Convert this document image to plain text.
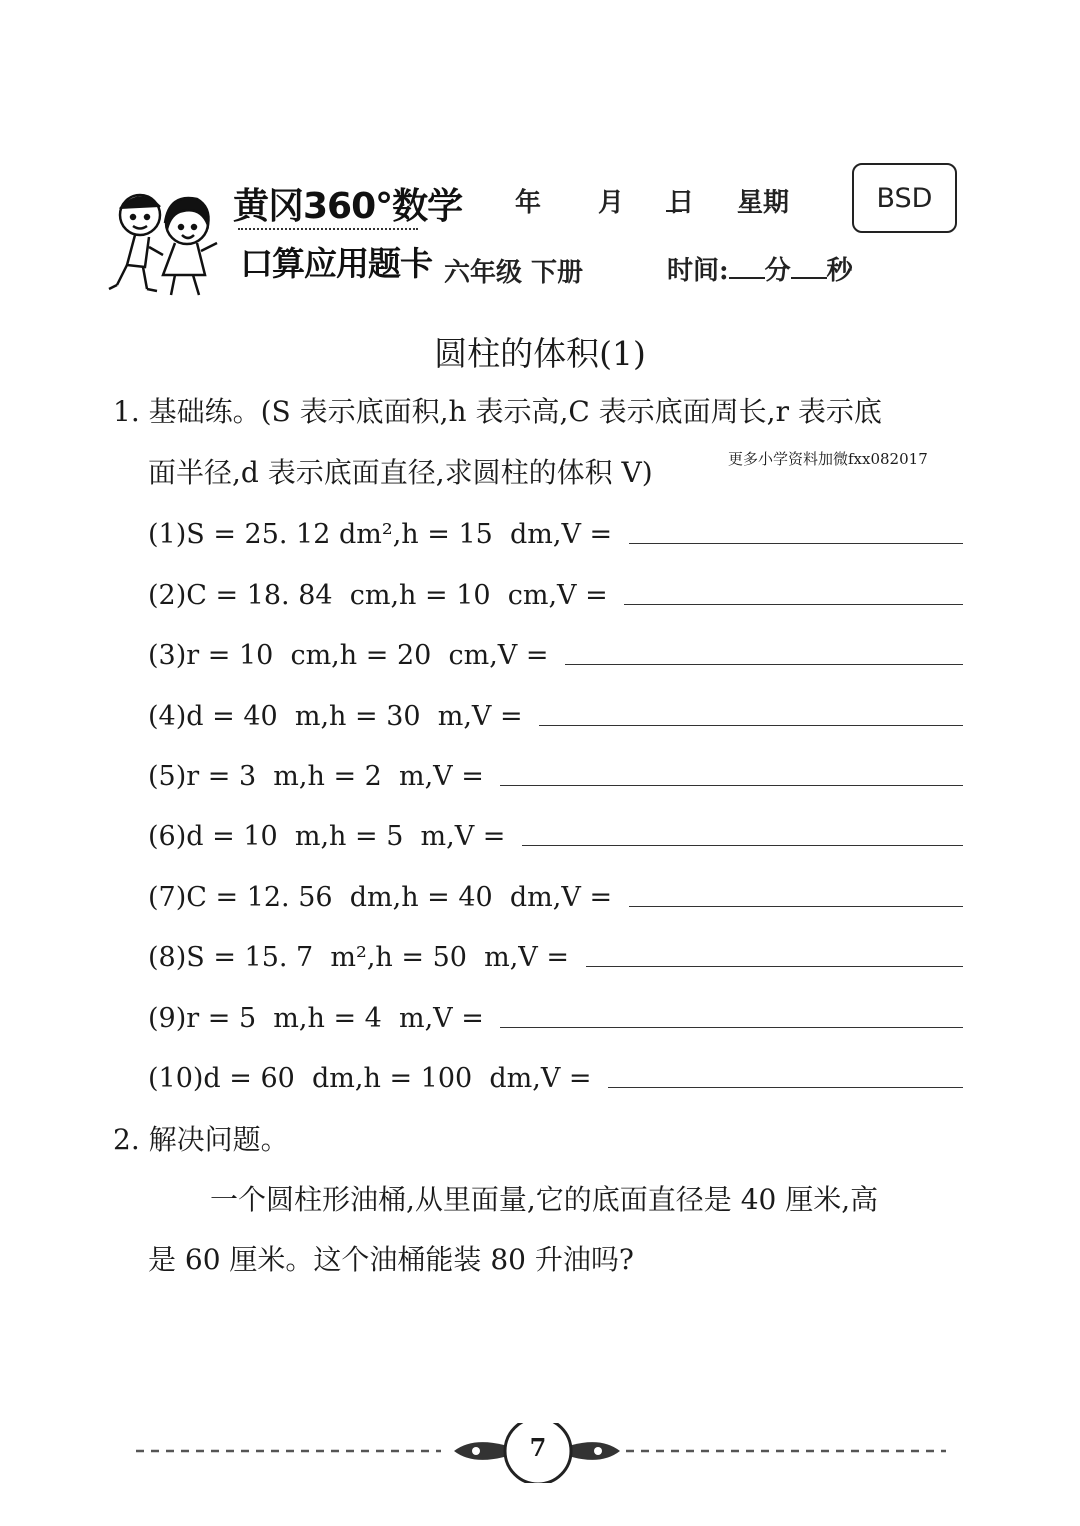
黄冈360°数学
口算应用题卡
年 月 日 星期
六年级 下册	时间: 分 秒
BSD
圆柱的体积(1)
1. 基础练。(S 表示底面积,h 表示高,C 表示底面周长,r 表示底
面半径,d 表示底面直径,求圆柱的体积 V)	更多小学资料加微fxx082017
(1)S = 25. 12 dm²,h = 15  dm,V =
(2)C = 18. 84  cm,h = 10  cm,V =
(3)r = 10  cm,h = 20  cm,V =
(4)d = 40  m,h = 30  m,V =
(5)r = 3  m,h = 2  m,V =
(6)d = 10  m,h = 5  m,V =
(7)C = 12. 56  dm,h = 40  dm,V =
(8)S = 15. 7  m²,h = 50  m,V =
(9)r = 5  m,h = 4  m,V =
(10)d = 60  dm,h = 100  dm,V =
2. 解决问题。
一个圆柱形油桶,从里面量,它的底面直径是 40 厘米,高
是 60 厘米。这个油桶能装 80 升油吗?
7
